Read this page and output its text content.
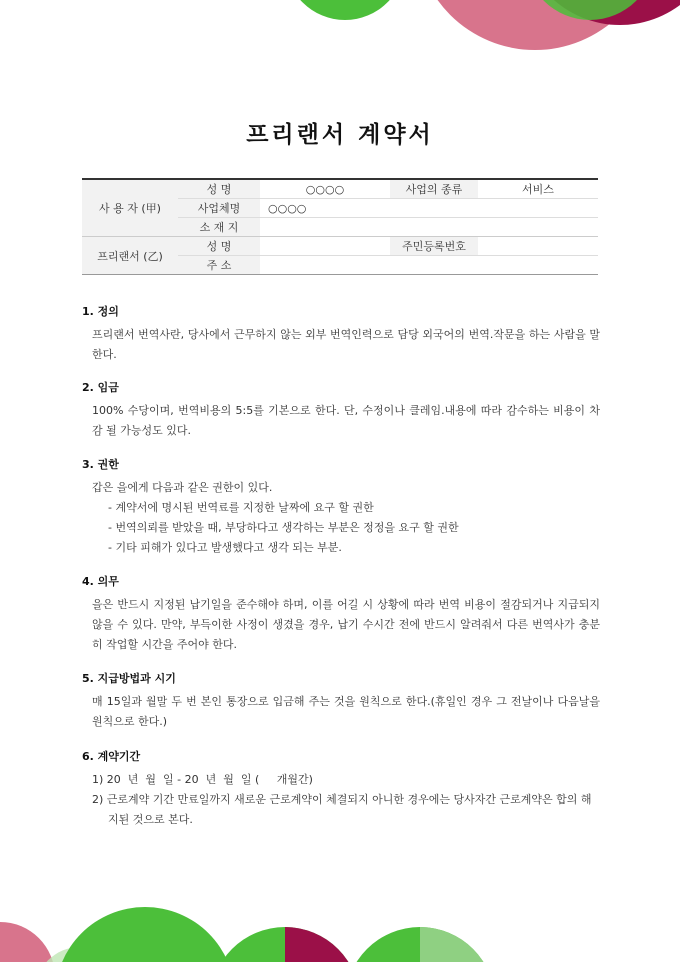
프리랜서 계약서
사 용 자 (甲)	성 명	○○○○	사업의 종류	서비스
	사업체명	○○○○		
	소 재 지			
프리랜서 (乙)	성 명		주민등록번호	
	주 소			
1. 정의

프리랜서 번역사란, 당사에서 근무하지 않는 외부 번역인력으로 담당 외국어의 번역.작문을 하는 사람을 말한다.

2. 임금

100% 수당이며, 번역비용의 5:5를 기본으로 한다. 단, 수정이나 클레임.내용에 따라 감수하는 비용이 차감 될 가능성도 있다.

3. 권한

갑은 을에게 다음과 같은 권한이 있다.

- 계약서에 명시된 번역료를 지정한 날짜에 요구 할 권한
- 번역의뢰를 받았을 때, 부당하다고 생각하는 부분은 정정을 요구 할 권한
- 기타 피해가 있다고 발생했다고 생각 되는 부분.
4. 의무

을은 반드시 지정된 납기일을 준수해야 하며, 이를 어길 시 상황에 따라 번역 비용이 절감되거나 지급되지 않을 수 있다. 만약, 부득이한 사정이 생겼을 경우, 납기 수시간 전에 반드시 알려줘서 다른 번역사가 충분히 작업할 시간을 주어야 한다.

5. 지급방법과 시기

매 15일과 월말 두 번 본인 통장으로 입금해 주는 것을 원칙으로 한다.(휴일인 경우 그 전날이나 다음날을 원칙으로 한다.)

6. 계약기간
1) 20  년  월  일 - 20  년  월  일 (     개월간)
2) 근로계약 기간 만료일까지 새로운 근로계약이 체결되지 아니한 경우에는 당사자간 근로계약은 합의 해지된 것으로 본다.
